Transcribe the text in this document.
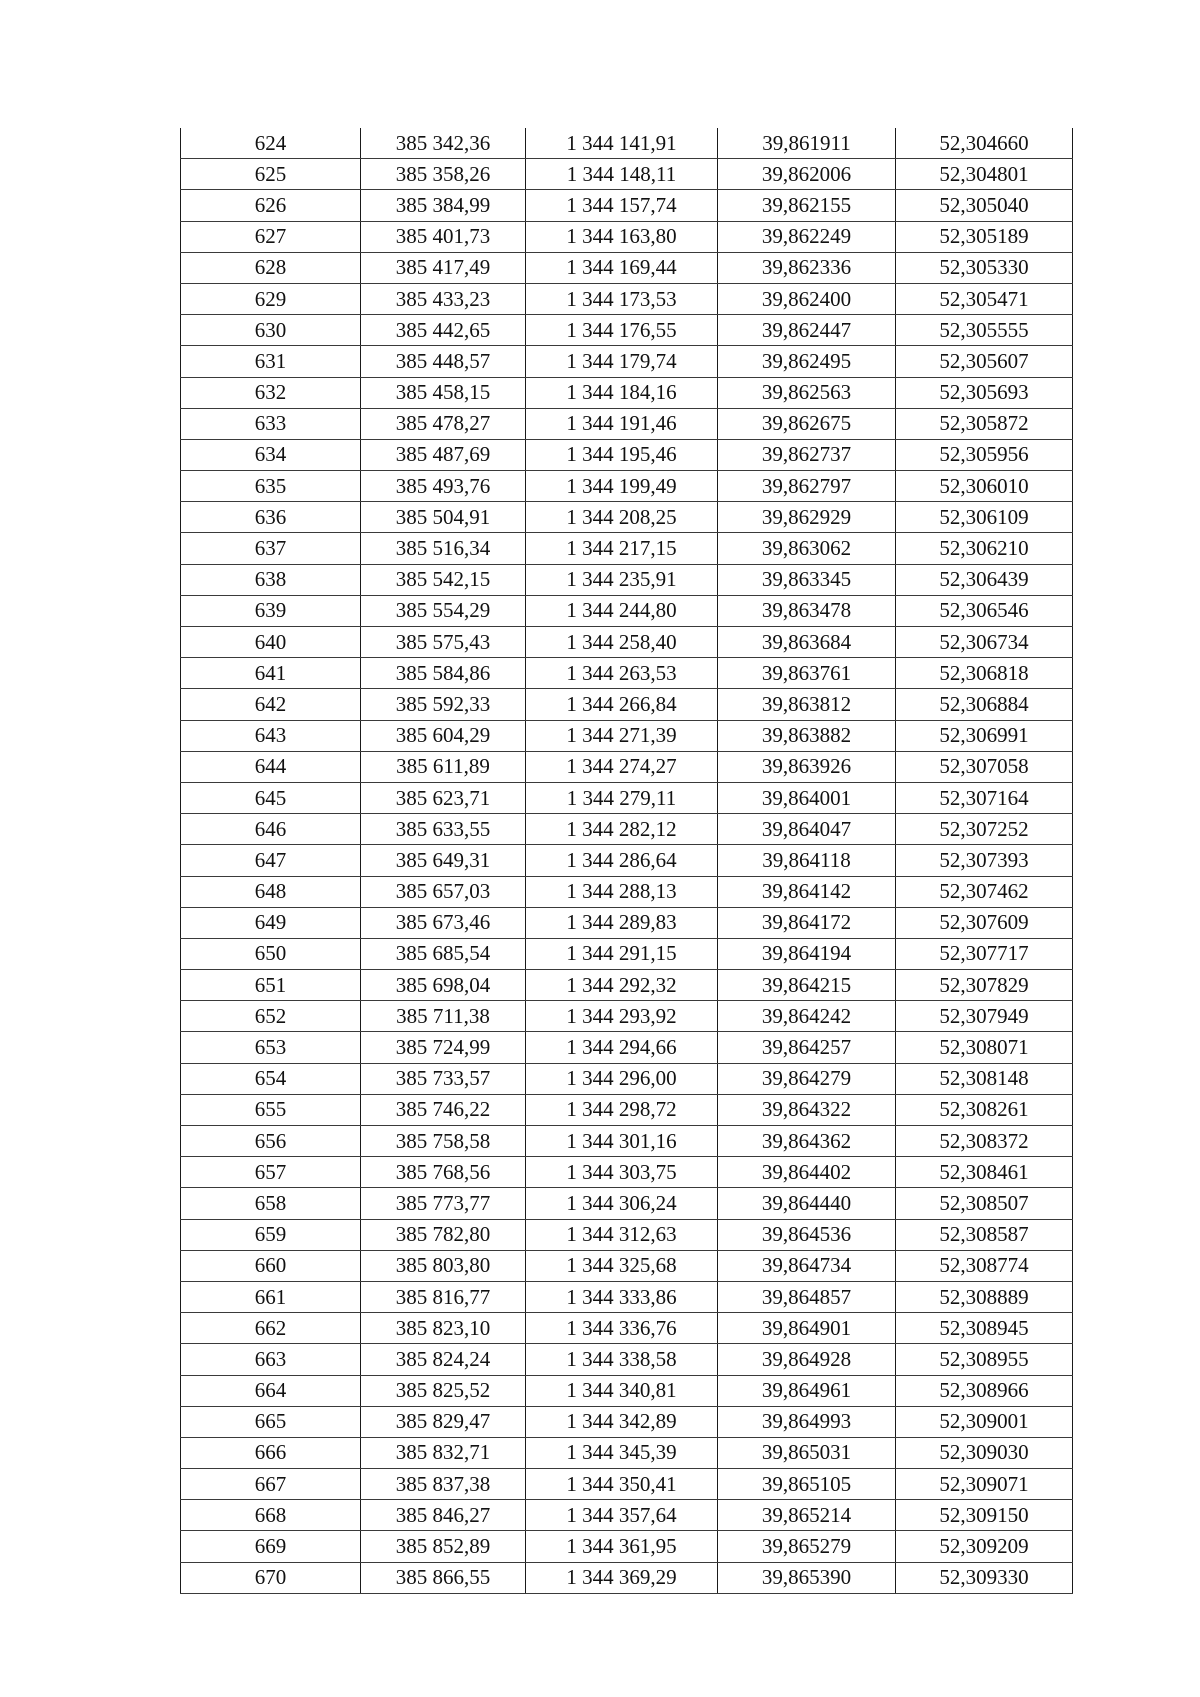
624	385 342,36	1 344 141,91	39,861911	52,304660
625	385 358,26	1 344 148,11	39,862006	52,304801
626	385 384,99	1 344 157,74	39,862155	52,305040
627	385 401,73	1 344 163,80	39,862249	52,305189
628	385 417,49	1 344 169,44	39,862336	52,305330
629	385 433,23	1 344 173,53	39,862400	52,305471
630	385 442,65	1 344 176,55	39,862447	52,305555
631	385 448,57	1 344 179,74	39,862495	52,305607
632	385 458,15	1 344 184,16	39,862563	52,305693
633	385 478,27	1 344 191,46	39,862675	52,305872
634	385 487,69	1 344 195,46	39,862737	52,305956
635	385 493,76	1 344 199,49	39,862797	52,306010
636	385 504,91	1 344 208,25	39,862929	52,306109
637	385 516,34	1 344 217,15	39,863062	52,306210
638	385 542,15	1 344 235,91	39,863345	52,306439
639	385 554,29	1 344 244,80	39,863478	52,306546
640	385 575,43	1 344 258,40	39,863684	52,306734
641	385 584,86	1 344 263,53	39,863761	52,306818
642	385 592,33	1 344 266,84	39,863812	52,306884
643	385 604,29	1 344 271,39	39,863882	52,306991
644	385 611,89	1 344 274,27	39,863926	52,307058
645	385 623,71	1 344 279,11	39,864001	52,307164
646	385 633,55	1 344 282,12	39,864047	52,307252
647	385 649,31	1 344 286,64	39,864118	52,307393
648	385 657,03	1 344 288,13	39,864142	52,307462
649	385 673,46	1 344 289,83	39,864172	52,307609
650	385 685,54	1 344 291,15	39,864194	52,307717
651	385 698,04	1 344 292,32	39,864215	52,307829
652	385 711,38	1 344 293,92	39,864242	52,307949
653	385 724,99	1 344 294,66	39,864257	52,308071
654	385 733,57	1 344 296,00	39,864279	52,308148
655	385 746,22	1 344 298,72	39,864322	52,308261
656	385 758,58	1 344 301,16	39,864362	52,308372
657	385 768,56	1 344 303,75	39,864402	52,308461
658	385 773,77	1 344 306,24	39,864440	52,308507
659	385 782,80	1 344 312,63	39,864536	52,308587
660	385 803,80	1 344 325,68	39,864734	52,308774
661	385 816,77	1 344 333,86	39,864857	52,308889
662	385 823,10	1 344 336,76	39,864901	52,308945
663	385 824,24	1 344 338,58	39,864928	52,308955
664	385 825,52	1 344 340,81	39,864961	52,308966
665	385 829,47	1 344 342,89	39,864993	52,309001
666	385 832,71	1 344 345,39	39,865031	52,309030
667	385 837,38	1 344 350,41	39,865105	52,309071
668	385 846,27	1 344 357,64	39,865214	52,309150
669	385 852,89	1 344 361,95	39,865279	52,309209
670	385 866,55	1 344 369,29	39,865390	52,309330
